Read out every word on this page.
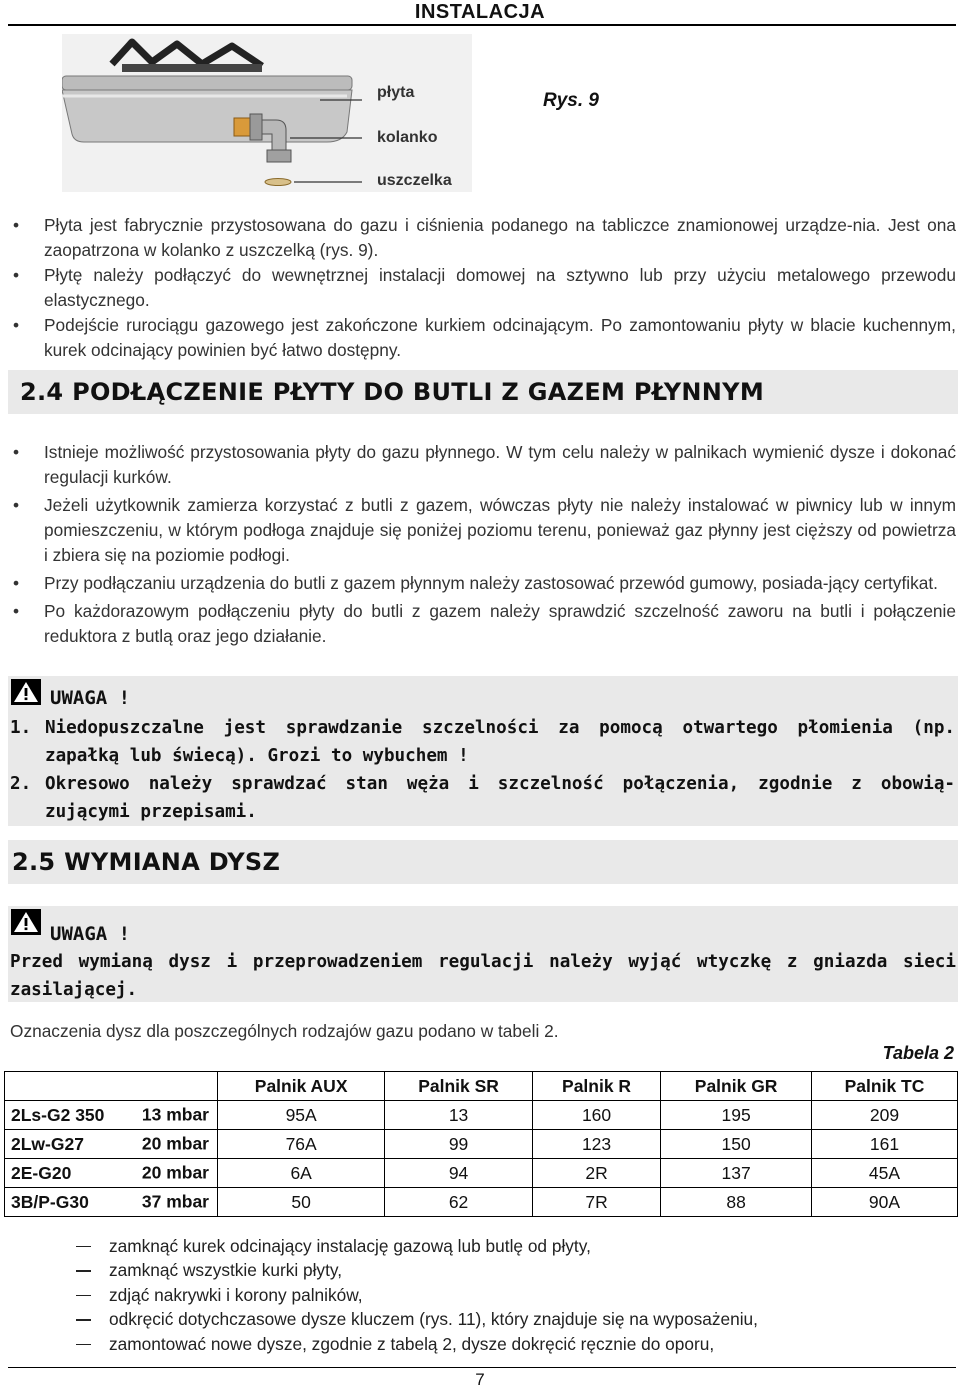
INSTALACJA
płyta
kolanko
uszczelka
Rys. 9
• Płyta jest fabrycznie przystosowana do gazu i ciśnienia podanego na tabliczce znamionowej urządze-nia. Jest ona zaopatrzona w kolanko z uszczelką (rys. 9).
• Płytę należy podłączyć do wewnętrznej instalacji domowej na sztywno lub przy użyciu metalowego przewodu elastycznego.
• Podejście rurociągu gazowego jest zakończone kurkiem odcinającym. Po zamontowaniu płyty w blacie kuchennym, kurek odcinający powinien być łatwo dostępny.
2.4 PODŁĄCZENIE PŁYTY DO BUTLI Z GAZEM PŁYNNYM
• Istnieje możliwość przystosowania płyty do gazu płynnego. W tym celu należy w palnikach wymienić dysze i dokonać regulacji kurków.
• Jeżeli użytkownik zamierza korzystać z butli z gazem, wówczas płyty nie należy instalować w piwnicy lub w innym pomieszczeniu, w którym podłoga znajduje się poniżej poziomu terenu, ponieważ gaz płynny jest cięższy od powietrza i zbiera się na poziomie podłogi.
• Przy podłączaniu urządzenia do butli z gazem płynnym należy zastosować przewód gumowy, posiada-jący certyfikat.
• Po każdorazowym podłączeniu płyty do butli z gazem należy sprawdzić szczelność zaworu na butli i połączenie reduktora z butlą oraz jego działanie.
UWAGA !
1. Niedopuszczalne jest sprawdzanie szczelności za pomocą otwartego płomienia (np. zapałką lub świecą). Grozi to wybuchem !
2. Okresowo należy sprawdzać stan węża i szczelność połączenia, zgodnie z obowią-zującymi przepisami.
2.5 WYMIANA DYSZ
UWAGA !
Przed wymianą dysz i przeprowadzeniem regulacji należy wyjąć wtyczkę z gniazda sieci zasilającej.
Oznaczenia dysz dla poszczególnych rodzajów gazu podano w tabeli 2.
Tabela 2
	Palnik AUX	Palnik SR	Palnik R	Palnik GR	Palnik TC
2Ls-G2 350 13 mbar	95A	13	160	195	209
2Lw-G27 20 mbar	76A	99	123	150	161
2E-G20 20 mbar	6A	94	2R	137	45A
3B/P-G30 37 mbar	50	62	7R	88	90A
zamknąć kurek odcinający instalację gazową lub butlę od płyty,
zamknąć wszystkie kurki płyty,
zdjąć nakrywki i korony palników,
odkręcić dotychczasowe dysze kluczem (rys. 11), który znajduje się na wyposażeniu,
zamontować nowe dysze, zgodnie z tabelą 2, dysze dokręcić ręcznie do oporu,
7
